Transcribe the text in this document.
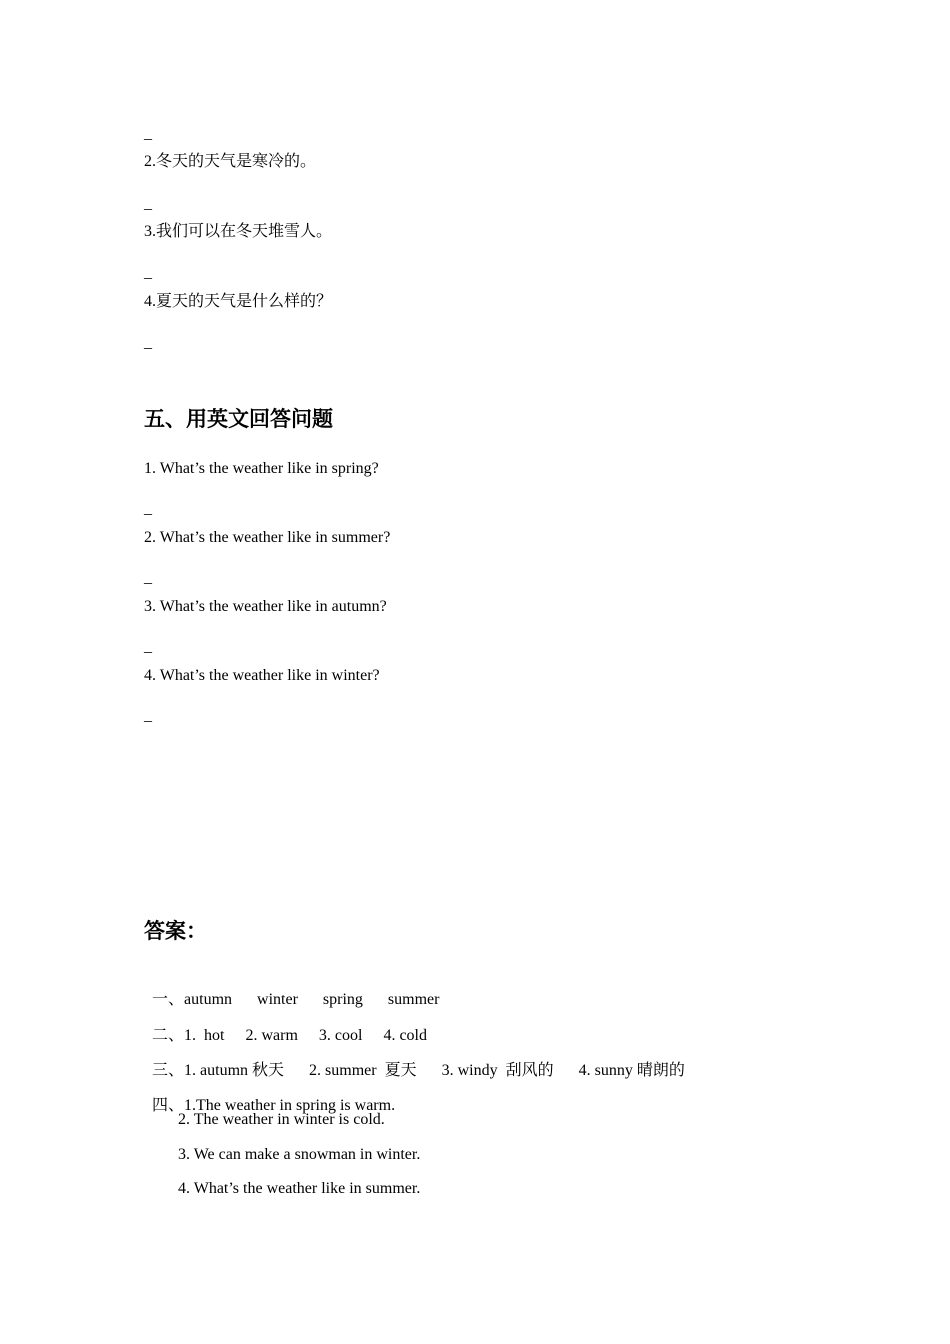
_
2.冬天的天气是寒冷的。
_
3.我们可以在冬天堆雪人。
_
4.夏天的天气是什么样的？
_
五、用英文回答问题
1. What’s the weather like in spring?
_
2. What’s the weather like in summer?
_
3. What’s the weather like in autumn?
_
4. What’s the weather like in winter?
_
答案：

一、autumn winter spring summer

二、1.  hot 2. warm 3. cool 4. cold

三、1. autumn 秋天 2. summer  夏天 3. windy  刮风的 4. sunny 晴朗的

四、1.The weather in spring is warm.

2. The weather in winter is cold.
3. We can make a snowman in winter.
4. What’s the weather like in summer.
